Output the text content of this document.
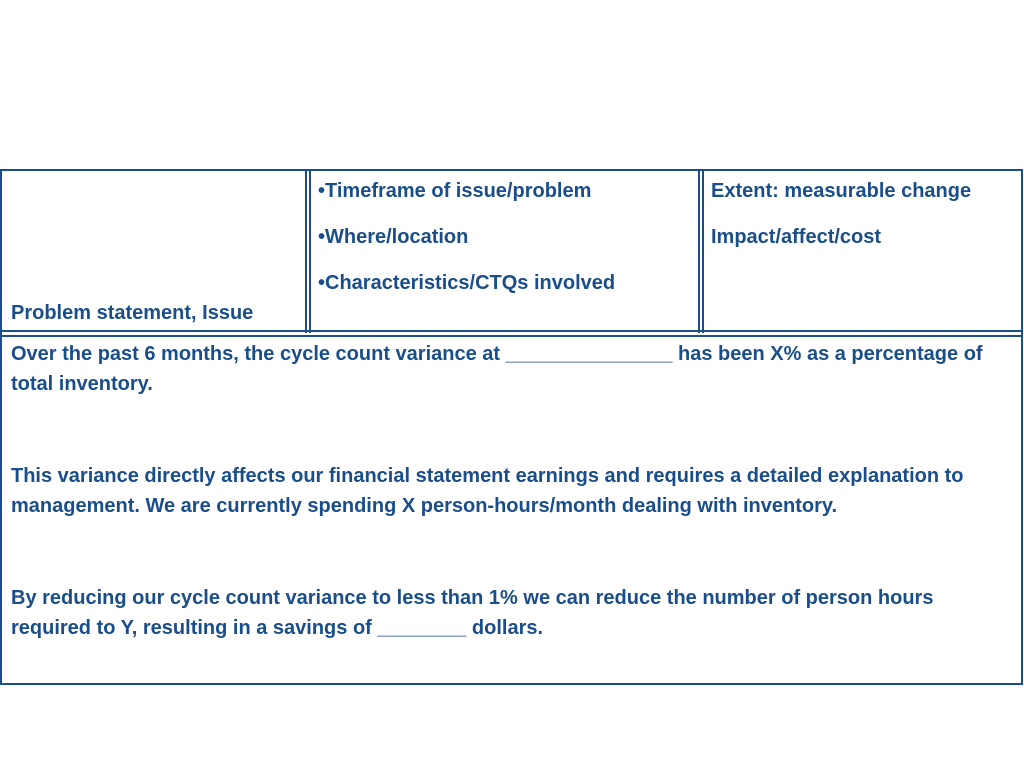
Problem statement, Issue

•Timeframe of issue/problem

•Where/location

•Characteristics/CTQs involved

Extent: measurable change

Impact/affect/cost

Over the past 6 months, the cycle count variance at _______________ has been X% as a percentage of total inventory.

This variance directly affects our financial statement earnings and requires a detailed explanation to management. We are currently spending X person-hours/month dealing with inventory.

By reducing our cycle count variance to less than 1% we can reduce the number of person hours required to Y, resulting in a savings of ________ dollars.
